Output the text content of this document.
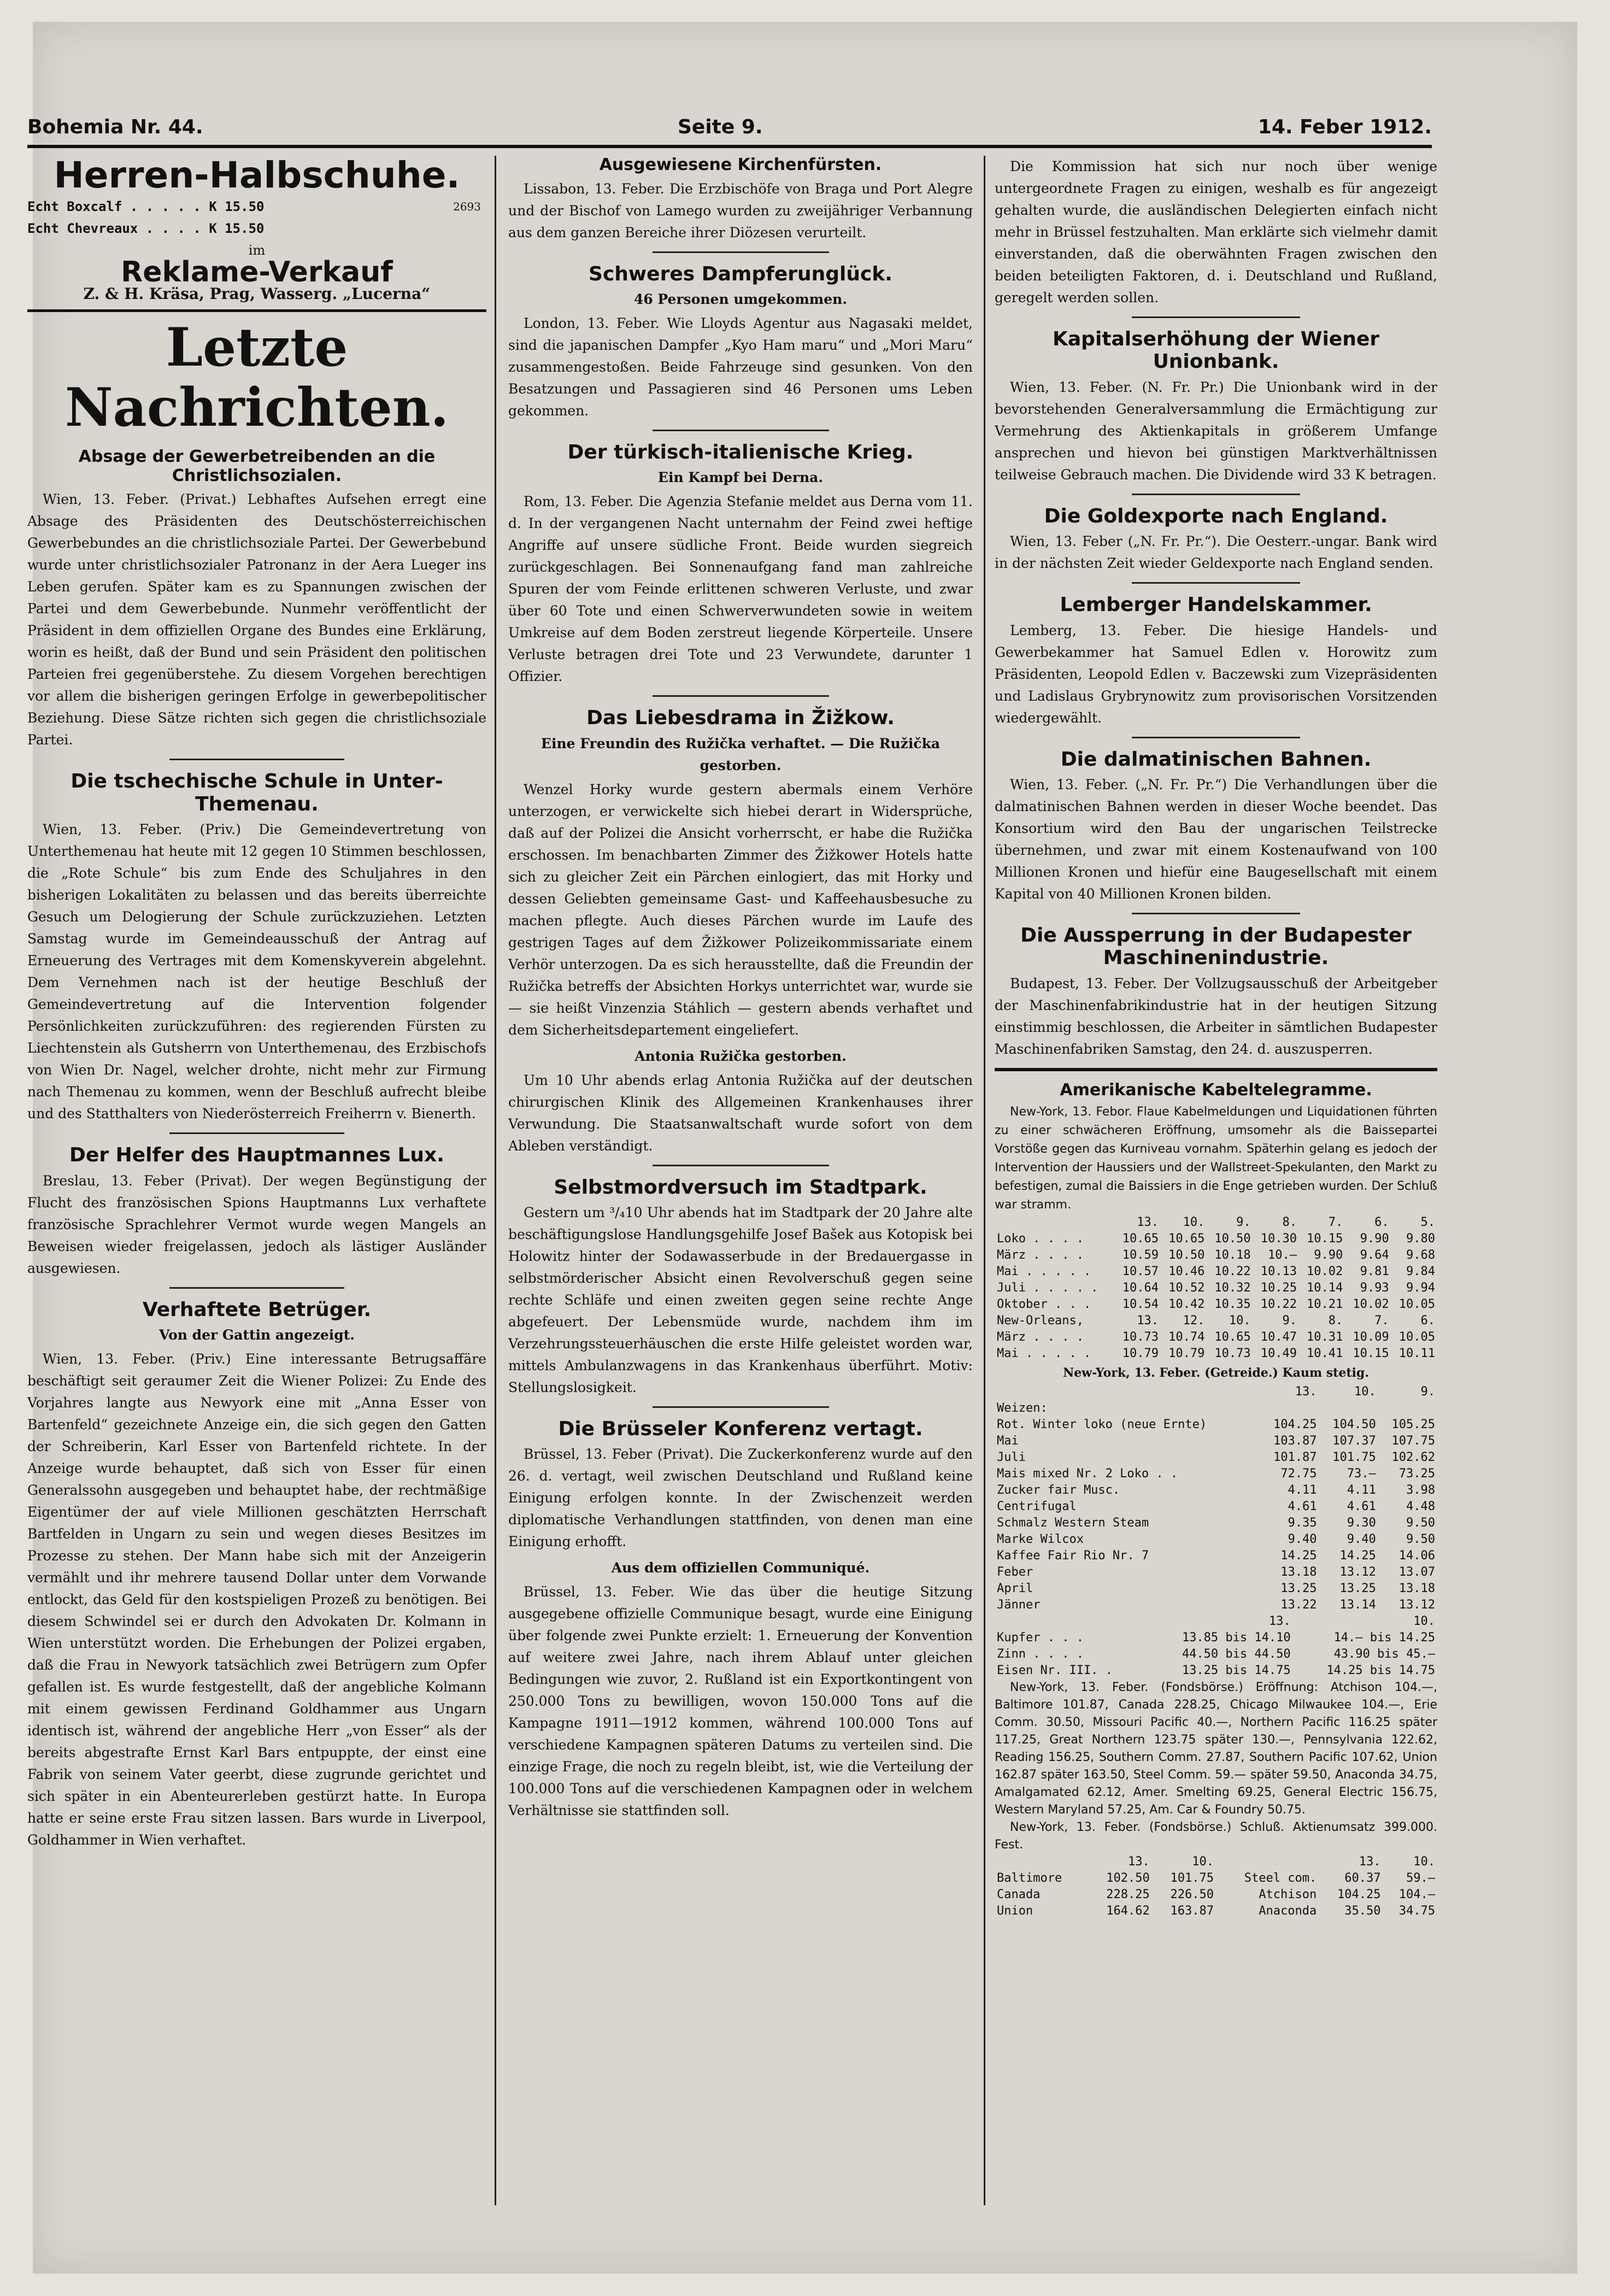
Bohemia Nr. 44.	Seite 9.	14. Feber 1912.
Herren-Halbschuhe.
Echt Boxcalf . . . . . K 15.50
Echt Chevreaux . . . . K 15.50
2693
im
Reklame-Verkauf
Z. & H. Kräsa, Prag, Wasserg. „Lucerna“
Letzte Nachrichten.
Absage der Gewerbetreibenden an die Christlichsozialen.

Wien, 13. Feber. (Privat.) Lebhaftes Aufsehen erregt eine Absage des Präsidenten des Deutschösterreichischen Gewerbebundes an die christlichsoziale Partei. Der Gewerbebund wurde unter christlichsozialer Patronanz in der Aera Lueger ins Leben gerufen. Später kam es zu Spannungen zwischen der Partei und dem Gewerbebunde. Nunmehr veröffentlicht der Präsident in dem offiziellen Organe des Bundes eine Erklärung, worin es heißt, daß der Bund und sein Präsident den politischen Parteien frei gegenüberstehe. Zu diesem Vorgehen berechtigen vor allem die bisherigen geringen Erfolge in gewerbepolitischer Beziehung. Diese Sätze richten sich gegen die christlichsoziale Partei.

Die tschechische Schule in Unter-Themenau.

Wien, 13. Feber. (Priv.) Die Gemeindevertretung von Unterthemenau hat heute mit 12 gegen 10 Stimmen beschlossen, die „Rote Schule“ bis zum Ende des Schuljahres in den bisherigen Lokalitäten zu belassen und das bereits überreichte Gesuch um Delogierung der Schule zurückzuziehen. Letzten Samstag wurde im Gemeindeausschuß der Antrag auf Erneuerung des Vertrages mit dem Komenskyverein abgelehnt. Dem Vernehmen nach ist der heutige Beschluß der Gemeindevertretung auf die Intervention folgender Persönlichkeiten zurückzuführen: des regierenden Fürsten zu Liechtenstein als Gutsherrn von Unterthemenau, des Erzbischofs von Wien Dr. Nagel, welcher drohte, nicht mehr zur Firmung nach Themenau zu kommen, wenn der Beschluß aufrecht bleibe und des Statthalters von Niederösterreich Freiherrn v. Bienerth.

Der Helfer des Hauptmannes Lux.

Breslau, 13. Feber (Privat). Der wegen Begünstigung der Flucht des französischen Spions Hauptmanns Lux verhaftete französische Sprachlehrer Vermot wurde wegen Mangels an Beweisen wieder freigelassen, jedoch als lästiger Ausländer ausgewiesen.

Verhaftete Betrüger.
Von der Gattin angezeigt.

Wien, 13. Feber. (Priv.) Eine interessante Betrugsaffäre beschäftigt seit geraumer Zeit die Wiener Polizei: Zu Ende des Vorjahres langte aus Newyork eine mit „Anna Esser von Bartenfeld“ gezeichnete Anzeige ein, die sich gegen den Gatten der Schreiberin, Karl Esser von Bartenfeld richtete. In der Anzeige wurde behauptet, daß sich von Esser für einen Generalssohn ausgegeben und behauptet habe, der rechtmäßige Eigentümer der auf viele Millionen geschätzten Herrschaft Bartfelden in Ungarn zu sein und wegen dieses Besitzes im Prozesse zu stehen. Der Mann habe sich mit der Anzeigerin vermählt und ihr mehrere tausend Dollar unter dem Vorwande entlockt, das Geld für den kostspieligen Prozeß zu benötigen. Bei diesem Schwindel sei er durch den Advokaten Dr. Kolmann in Wien unterstützt worden. Die Erhebungen der Polizei ergaben, daß die Frau in Newyork tatsächlich zwei Betrügern zum Opfer gefallen ist. Es wurde festgestellt, daß der angebliche Kolmann mit einem gewissen Ferdinand Goldhammer aus Ungarn identisch ist, während der angebliche Herr „von Esser“ als der bereits abgestrafte Ernst Karl Bars entpuppte, der einst eine Fabrik von seinem Vater geerbt, diese zugrunde gerichtet und sich später in ein Abenteurerleben gestürzt hatte. In Europa hatte er seine erste Frau sitzen lassen. Bars wurde in Liverpool, Goldhammer in Wien verhaftet.

Ausgewiesene Kirchenfürsten.

Lissabon, 13. Feber. Die Erzbischöfe von Braga und Port Alegre und der Bischof von Lamego wurden zu zweijähriger Verbannung aus dem ganzen Bereiche ihrer Diözesen verurteilt.

Schweres Dampferunglück.
46 Personen umgekommen.

London, 13. Feber. Wie Lloyds Agentur aus Nagasaki meldet, sind die japanischen Dampfer „Kyo Ham maru“ und „Mori Maru“ zusammengestoßen. Beide Fahrzeuge sind gesunken. Von den Besatzungen und Passagieren sind 46 Personen ums Leben gekommen.

Der türkisch-italienische Krieg.
Ein Kampf bei Derna.

Rom, 13. Feber. Die Agenzia Stefanie meldet aus Derna vom 11. d. In der vergangenen Nacht unternahm der Feind zwei heftige Angriffe auf unsere südliche Front. Beide wurden siegreich zurückgeschlagen. Bei Sonnenaufgang fand man zahlreiche Spuren der vom Feinde erlittenen schweren Verluste, und zwar über 60 Tote und einen Schwerverwundeten sowie in weitem Umkreise auf dem Boden zerstreut liegende Körperteile. Unsere Verluste betragen drei Tote und 23 Verwundete, darunter 1 Offizier.

Das Liebesdrama in Žižkow.
Eine Freundin des Ružička verhaftet. — Die Ružička gestorben.

Wenzel Horky wurde gestern abermals einem Verhöre unterzogen, er verwickelte sich hiebei derart in Widersprüche, daß auf der Polizei die Ansicht vorherrscht, er habe die Ružička erschossen. Im benachbarten Zimmer des Žižkower Hotels hatte sich zu gleicher Zeit ein Pärchen einlogiert, das mit Horky und dessen Geliebten gemeinsame Gast- und Kaffeehausbesuche zu machen pflegte. Auch dieses Pärchen wurde im Laufe des gestrigen Tages auf dem Žižkower Polizeikommissariate einem Verhör unterzogen. Da es sich herausstellte, daß die Freundin der Ružička betreffs der Absichten Horkys unterrichtet war, wurde sie — sie heißt Vinzenzia Stáhlich — gestern abends verhaftet und dem Sicherheitsdepartement eingeliefert.

Antonia Ružička gestorben.

Um 10 Uhr abends erlag Antonia Ružička auf der deutschen chirurgischen Klinik des Allgemeinen Krankenhauses ihrer Verwundung. Die Staatsanwaltschaft wurde sofort von dem Ableben verständigt.

Selbstmordversuch im Stadtpark.

Gestern um ³/₄10 Uhr abends hat im Stadtpark der 20 Jahre alte beschäftigungslose Handlungsgehilfe Josef Bašek aus Kotopisk bei Holowitz hinter der Sodawasserbude in der Bredauergasse in selbstmörderischer Absicht einen Revolverschuß gegen seine rechte Schläfe und einen zweiten gegen seine rechte Ange abgefeuert. Der Lebensmüde wurde, nachdem ihm im Verzehrungssteuerhäuschen die erste Hilfe geleistet worden war, mittels Ambulanzwagens in das Krankenhaus überführt. Motiv: Stellungslosigkeit.

Die Brüsseler Konferenz vertagt.

Brüssel, 13. Feber (Privat). Die Zuckerkonferenz wurde auf den 26. d. vertagt, weil zwischen Deutschland und Rußland keine Einigung erfolgen konnte. In der Zwischenzeit werden diplomatische Verhandlungen stattfinden, von denen man eine Einigung erhofft.

Aus dem offiziellen Communiqué.

Brüssel, 13. Feber. Wie das über die heutige Sitzung ausgegebene offizielle Communique besagt, wurde eine Einigung über folgende zwei Punkte erzielt: 1. Erneuerung der Konvention auf weitere zwei Jahre, nach ihrem Ablauf unter gleichen Bedingungen wie zuvor, 2. Rußland ist ein Exportkontingent von 250.000 Tons zu bewilligen, wovon 150.000 Tons auf die Kampagne 1911—1912 kommen, während 100.000 Tons auf verschiedene Kampagnen späteren Datums zu verteilen sind. Die einzige Frage, die noch zu regeln bleibt, ist, wie die Verteilung der 100.000 Tons auf die verschiedenen Kampagnen oder in welchem Verhältnisse sie stattfinden soll.

Die Kommission hat sich nur noch über wenige untergeordnete Fragen zu einigen, weshalb es für angezeigt gehalten wurde, die ausländischen Delegierten einfach nicht mehr in Brüssel festzuhalten. Man erklärte sich vielmehr damit einverstanden, daß die oberwähnten Fragen zwischen den beiden beteiligten Faktoren, d. i. Deutschland und Rußland, geregelt werden sollen.

Kapitalserhöhung der Wiener Unionbank.

Wien, 13. Feber. (N. Fr. Pr.) Die Unionbank wird in der bevorstehenden Generalversammlung die Ermächtigung zur Vermehrung des Aktienkapitals in größerem Umfange ansprechen und hievon bei günstigen Marktverhältnissen teilweise Gebrauch machen. Die Dividende wird 33 K betragen.

Die Goldexporte nach England.

Wien, 13. Feber („N. Fr. Pr.“). Die Oesterr.-ungar. Bank wird in der nächsten Zeit wieder Geldexporte nach England senden.

Lemberger Handelskammer.

Lemberg, 13. Feber. Die hiesige Handels- und Gewerbekammer hat Samuel Edlen v. Horowitz zum Präsidenten, Leopold Edlen v. Baczewski zum Vizepräsidenten und Ladislaus Grybrynowitz zum provisorischen Vorsitzenden wiedergewählt.

Die dalmatinischen Bahnen.

Wien, 13. Feber. („N. Fr. Pr.“) Die Verhandlungen über die dalmatinischen Bahnen werden in dieser Woche beendet. Das Konsortium wird den Bau der ungarischen Teilstrecke übernehmen, und zwar mit einem Kostenaufwand von 100 Millionen Kronen und hiefür eine Baugesellschaft mit einem Kapital von 40 Millionen Kronen bilden.

Die Aussperrung in der Budapester Maschinenindustrie.

Budapest, 13. Feber. Der Vollzugsausschuß der Arbeitgeber der Maschinenfabrikindustrie hat in der heutigen Sitzung einstimmig beschlossen, die Arbeiter in sämtlichen Budapester Maschinenfabriken Samstag, den 24. d. auszusperren.

Amerikanische Kabeltelegramme.

New-York, 13. Febor. Flaue Kabelmeldungen und Liquidationen führten zu einer schwächeren Eröffnung, umsomehr als die Baissepartei Vorstöße gegen das Kurniveau vornahm. Späterhin gelang es jedoch der Intervention der Haussiers und der Wallstreet-Spekulanten, den Markt zu befestigen, zumal die Baissiers in die Enge getrieben wurden. Der Schluß war stramm.

	13.	10.	9.	8.	7.	6.	5.
Loko . . . .	10.65	10.65	10.50	10.30	10.15	9.90	9.80
März . . . .	10.59	10.50	10.18	10.—	9.90	9.64	9.68
Mai . . . . .	10.57	10.46	10.22	10.13	10.02	9.81	9.84
Juli . . . . .	10.64	10.52	10.32	10.25	10.14	9.93	9.94
Oktober . . .	10.54	10.42	10.35	10.22	10.21	10.02	10.05
New-Orleans,	13.	12.	10.	9.	8.	7.	6.
März . . . .	10.73	10.74	10.65	10.47	10.31	10.09	10.05
Mai . . . . .	10.79	10.79	10.73	10.49	10.41	10.15	10.11
New-York, 13. Feber. (Getreide.) Kaum stetig.
	13.	10.	9.
Weizen:			
Rot. Winter loko (neue Ernte)	104.25	104.50	105.25
Mai	103.87	107.37	107.75
Juli	101.87	101.75	102.62
Mais mixed Nr. 2 Loko . .	72.75	73.—	73.25
Zucker fair Musc.	4.11	4.11	3.98
Centrifugal	4.61	4.61	4.48
Schmalz Western Steam	9.35	9.30	9.50
Marke Wilcox	9.40	9.40	9.50
Kaffee Fair Rio Nr. 7	14.25	14.25	14.06
Feber	13.18	13.12	13.07
April	13.25	13.25	13.18
Jänner	13.22	13.14	13.12
	13.	10.
Kupfer . . .	13.85 bis 14.10	14.— bis 14.25
Zinn . . . .	44.50 bis 44.50	43.90 bis 45.—
Eisen Nr. III. .	13.25 bis 14.75	14.25 bis 14.75

New-York, 13. Feber. (Fondsbörse.) Eröffnung: Atchison 104.—, Baltimore 101.87, Canada 228.25, Chicago Milwaukee 104.—, Erie Comm. 30.50, Missouri Pacific 40.—, Northern Pacific 116.25 später 117.25, Great Northern 123.75 später 130.—, Pennsylvania 122.62, Reading 156.25, Southern Comm. 27.87, Southern Pacific 107.62, Union 162.87 später 163.50, Steel Comm. 59.— später 59.50, Anaconda 34.75, Amalgamated 62.12, Amer. Smelting 69.25, General Electric 156.75, Western Maryland 57.25, Am. Car & Foundry 50.75.

New-York, 13. Feber. (Fondsbörse.) Schluß. Aktienumsatz 399.000. Fest.

	13.	10.		13.	10.
Baltimore	102.50	101.75	Steel com.	60.37	59.—
Canada	228.25	226.50	Atchison	104.25	104.—
Union	164.62	163.87	Anaconda	35.50	34.75
